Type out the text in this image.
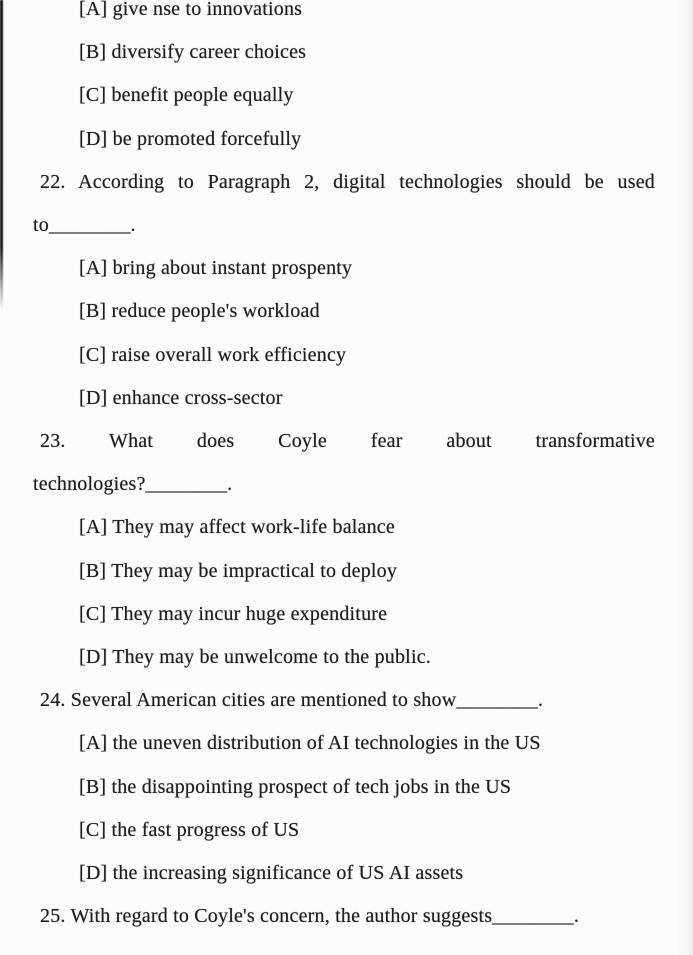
[A] give nse to innovations
[B] diversify career choices
[C] benefit people equally
[D] be promoted forcefully
22. According to Paragraph 2, digital technologies should be used
to________.
[A] bring about instant prospenty
[B] reduce people's workload
[C] raise overall work efficiency
[D] enhance cross-sector
23. What does Coyle fear about transformative
technologies?________.
[A] They may affect work-life balance
[B] They may be impractical to deploy
[C] They may incur huge expenditure
[D] They may be unwelcome to the public.
24. Several American cities are mentioned to show________.
[A] the uneven distribution of AI technologies in the US
[B] the disappointing prospect of tech jobs in the US
[C] the fast progress of US
[D] the increasing significance of US AI assets
25. With regard to Coyle's concern, the author suggests________.
